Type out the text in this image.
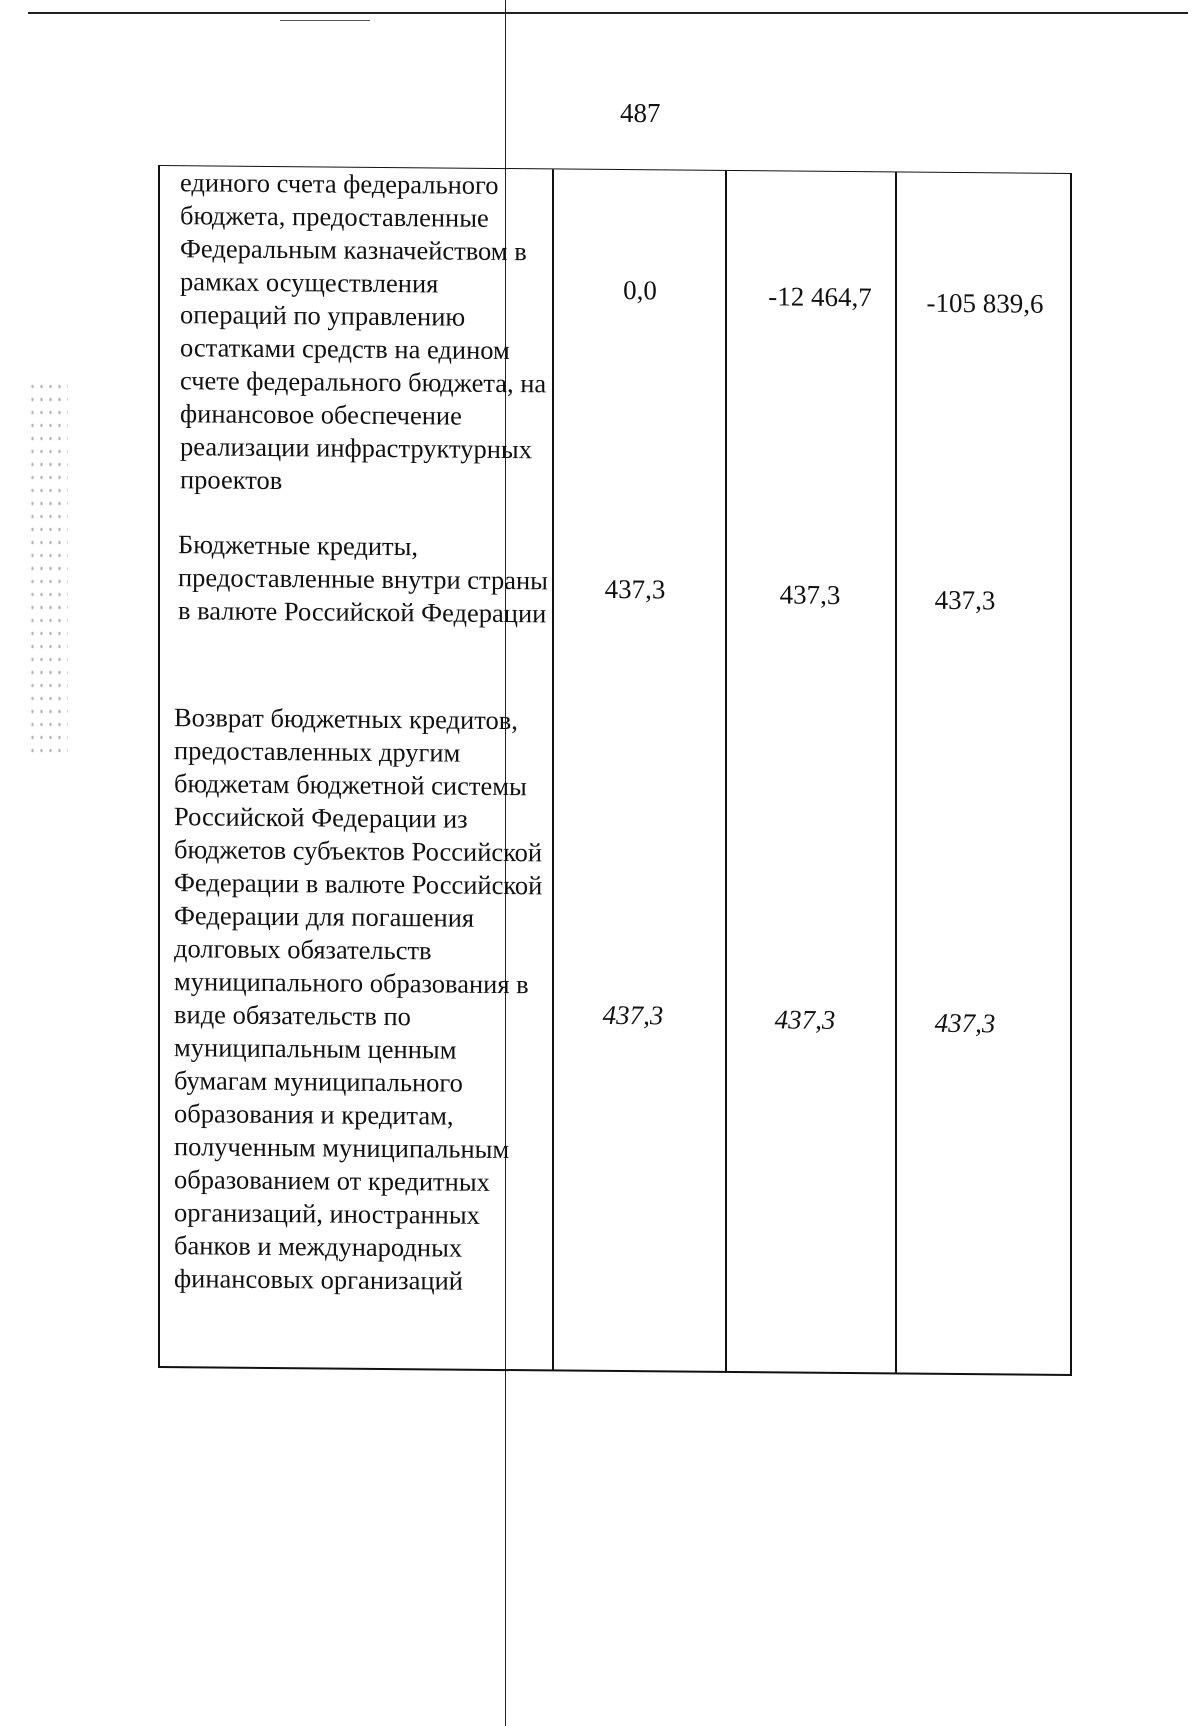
487
единого счета федерального бюджета, предоставленные Федеральным казначейством в рамках осуществления операций по управлению остатками средств на едином счете федерального бюджета, на финансовое обеспечение реализации инфраструктурных проектов
0,0	-12 464,7	-105 839,6
Бюджетные кредиты, предоставленные внутри страны в валюте Российской Федерации
437,3	437,3	437,3
Возврат бюджетных кредитов, предоставленных другим бюджетам бюджетной системы Российской Федерации из бюджетов субъектов Российской Федерации в валюте Российской Федерации для погашения долговых обязательств муниципального образования в виде обязательств по муниципальным ценным бумагам муниципального образования и кредитам, полученным муниципальным образованием от кредитных организаций, иностранных банков и международных финансовых организаций
437,3	437,3	437,3
